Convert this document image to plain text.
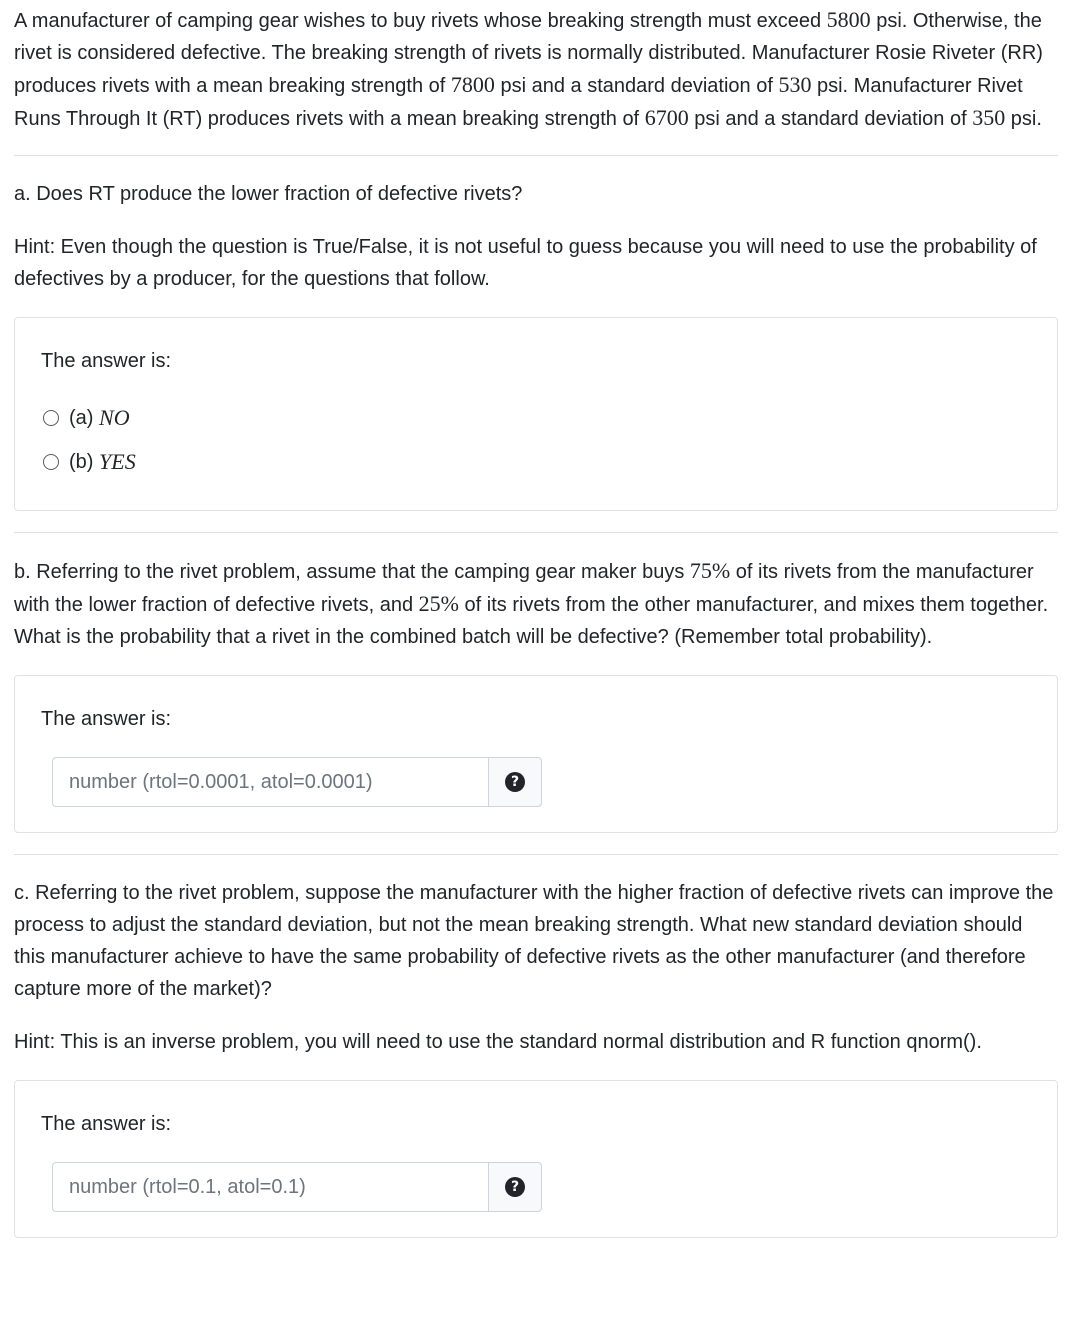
A manufacturer of camping gear wishes to buy rivets whose breaking strength must exceed 5800 psi. Otherwise, the rivet is considered defective. The breaking strength of rivets is normally distributed. Manufacturer Rosie Riveter (RR) produces rivets with a mean breaking strength of 7800 psi and a standard deviation of 530 psi. Manufacturer Rivet Runs Through It (RT) produces rivets with a mean breaking strength of 6700 psi and a standard deviation of 350 psi.

a. Does RT produce the lower fraction of defective rivets?

Hint: Even though the question is True/False, it is not useful to guess because you will need to use the probability of defectives by a producer, for the questions that follow.

The answer is:
(a)
NO
(b)
YES

b. Referring to the rivet problem, assume that the camping gear maker buys 75% of its rivets from the manufacturer with the lower fraction of defective rivets, and 25% of its rivets from the other manufacturer, and mixes them together. What is the probability that a rivet in the combined batch will be defective? (Remember total probability).

The answer is:
number (rtol=0.0001, atol=0.0001)
?

c. Referring to the rivet problem, suppose the manufacturer with the higher fraction of defective rivets can improve the process to adjust the standard deviation, but not the mean breaking strength. What new standard deviation should this manufacturer achieve to have the same probability of defective rivets as the other manufacturer (and therefore capture more of the market)?

Hint: This is an inverse problem, you will need to use the standard normal distribution and R function qnorm().

The answer is:
number (rtol=0.1, atol=0.1)
?
